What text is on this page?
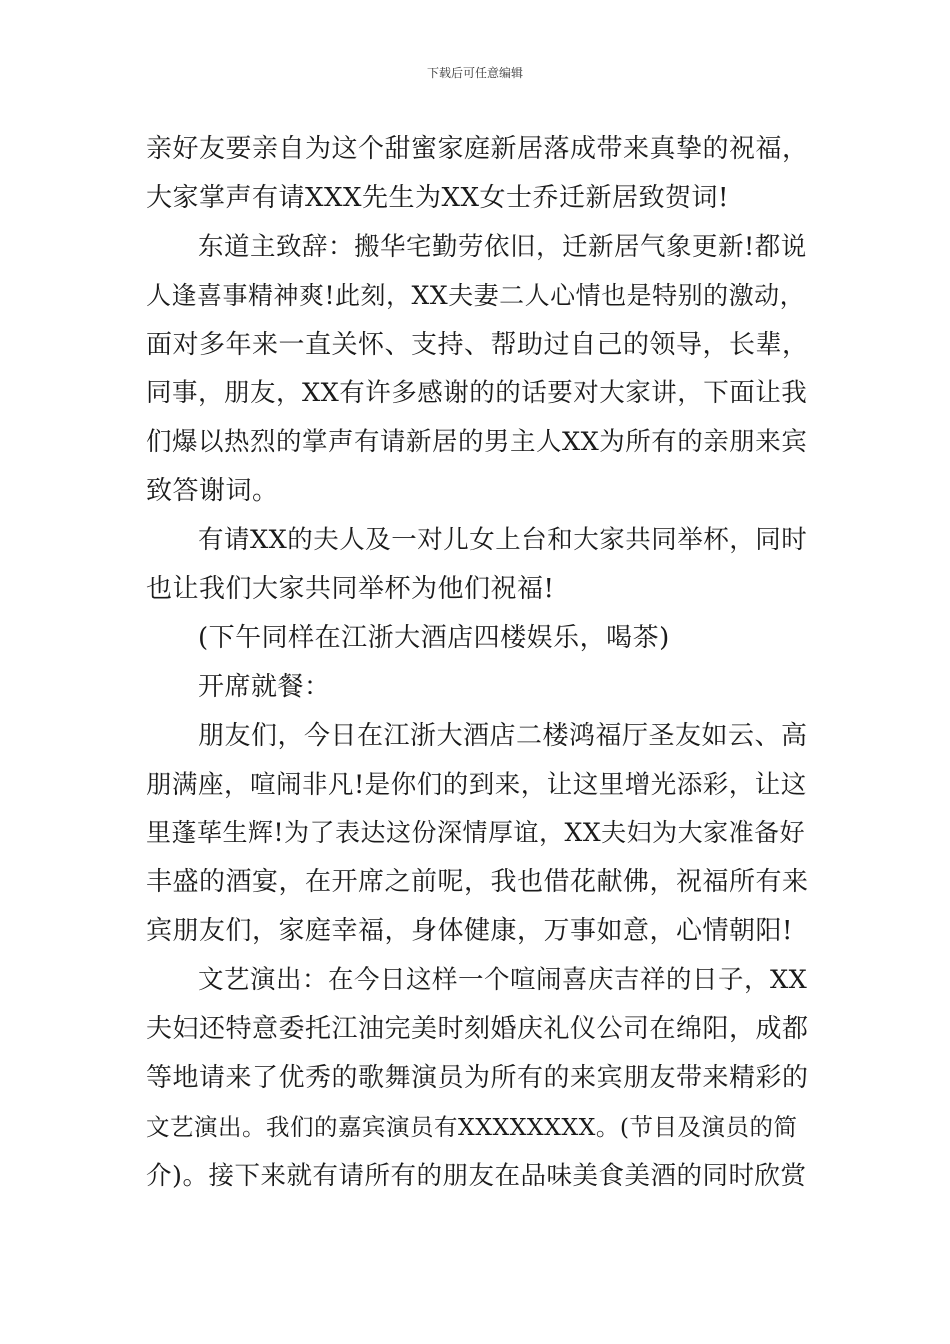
下载后可任意编辑
亲好友要亲自为这个甜蜜家庭新居落成带来真挚的祝福，
大家掌声有请XXX先生为XX女士乔迁新居致贺词!
东道主致辞：搬华宅勤劳依旧，迁新居气象更新!都说
人逢喜事精神爽!此刻，XX夫妻二人心情也是特别的激动，
面对多年来一直关怀、支持、帮助过自己的领导，长辈，
同事，朋友，XX有许多感谢的的话要对大家讲，下面让我
们爆以热烈的掌声有请新居的男主人XX为所有的亲朋来宾
致答谢词。
有请XX的夫人及一对儿女上台和大家共同举杯，同时
也让我们大家共同举杯为他们祝福!
(下午同样在江浙大酒店四楼娱乐，喝茶)
开席就餐：
朋友们，今日在江浙大酒店二楼鸿福厅圣友如云、高
朋满座，喧闹非凡!是你们的到来，让这里增光添彩，让这
里蓬荜生辉!为了表达这份深情厚谊，XX夫妇为大家准备好
丰盛的酒宴，在开席之前呢，我也借花献佛，祝福所有来
宾朋友们，家庭幸福，身体健康，万事如意，心情朝阳!
文艺演出：在今日这样一个喧闹喜庆吉祥的日子，XX
夫妇还特意委托江油完美时刻婚庆礼仪公司在绵阳，成都
等地请来了优秀的歌舞演员为所有的来宾朋友带来精彩的
文艺演出。我们的嘉宾演员有XXXXXXXX。(节目及演员的简
介)。接下来就有请所有的朋友在品味美食美酒的同时欣赏
